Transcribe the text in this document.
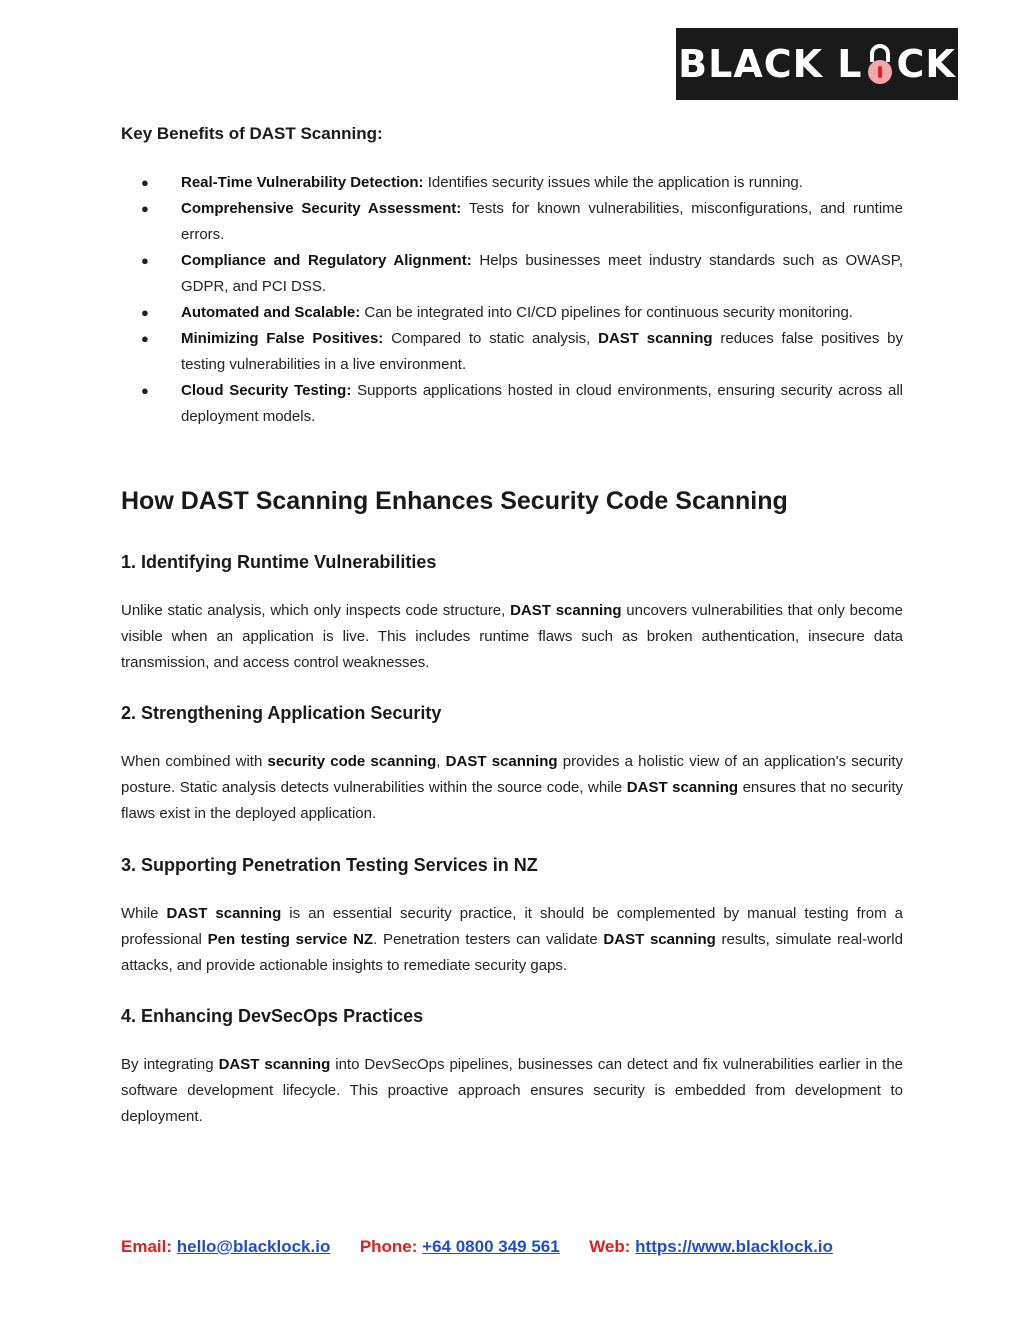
BLACK L CK
Key Benefits of DAST Scanning:
● Real-Time Vulnerability Detection: Identifies security issues while the application is running.
● Comprehensive Security Assessment: Tests for known vulnerabilities, misconfigurations, and runtime errors.
● Compliance and Regulatory Alignment: Helps businesses meet industry standards such as OWASP, GDPR, and PCI DSS.
● Automated and Scalable: Can be integrated into CI/CD pipelines for continuous security monitoring.
● Minimizing False Positives: Compared to static analysis, DAST scanning reduces false positives by testing vulnerabilities in a live environment.
● Cloud Security Testing: Supports applications hosted in cloud environments, ensuring security across all deployment models.
How DAST Scanning Enhances Security Code Scanning
1. Identifying Runtime Vulnerabilities

Unlike static analysis, which only inspects code structure, DAST scanning uncovers vulnerabilities that only become visible when an application is live. This includes runtime flaws such as broken authentication, insecure data transmission, and access control weaknesses.

2. Strengthening Application Security

When combined with security code scanning, DAST scanning provides a holistic view of an application's security posture. Static analysis detects vulnerabilities within the source code, while DAST scanning ensures that no security flaws exist in the deployed application.

3. Supporting Penetration Testing Services in NZ

While DAST scanning is an essential security practice, it should be complemented by manual testing from a professional Pen testing service NZ. Penetration testers can validate DAST scanning results, simulate real-world attacks, and provide actionable insights to remediate security gaps.

4. Enhancing DevSecOps Practices

By integrating DAST scanning into DevSecOps pipelines, businesses can detect and fix vulnerabilities earlier in the software development lifecycle. This proactive approach ensures security is embedded from development to deployment.

Email: hello@blacklock.io Phone: +64 0800 349 561 Web: https://www.blacklock.io
